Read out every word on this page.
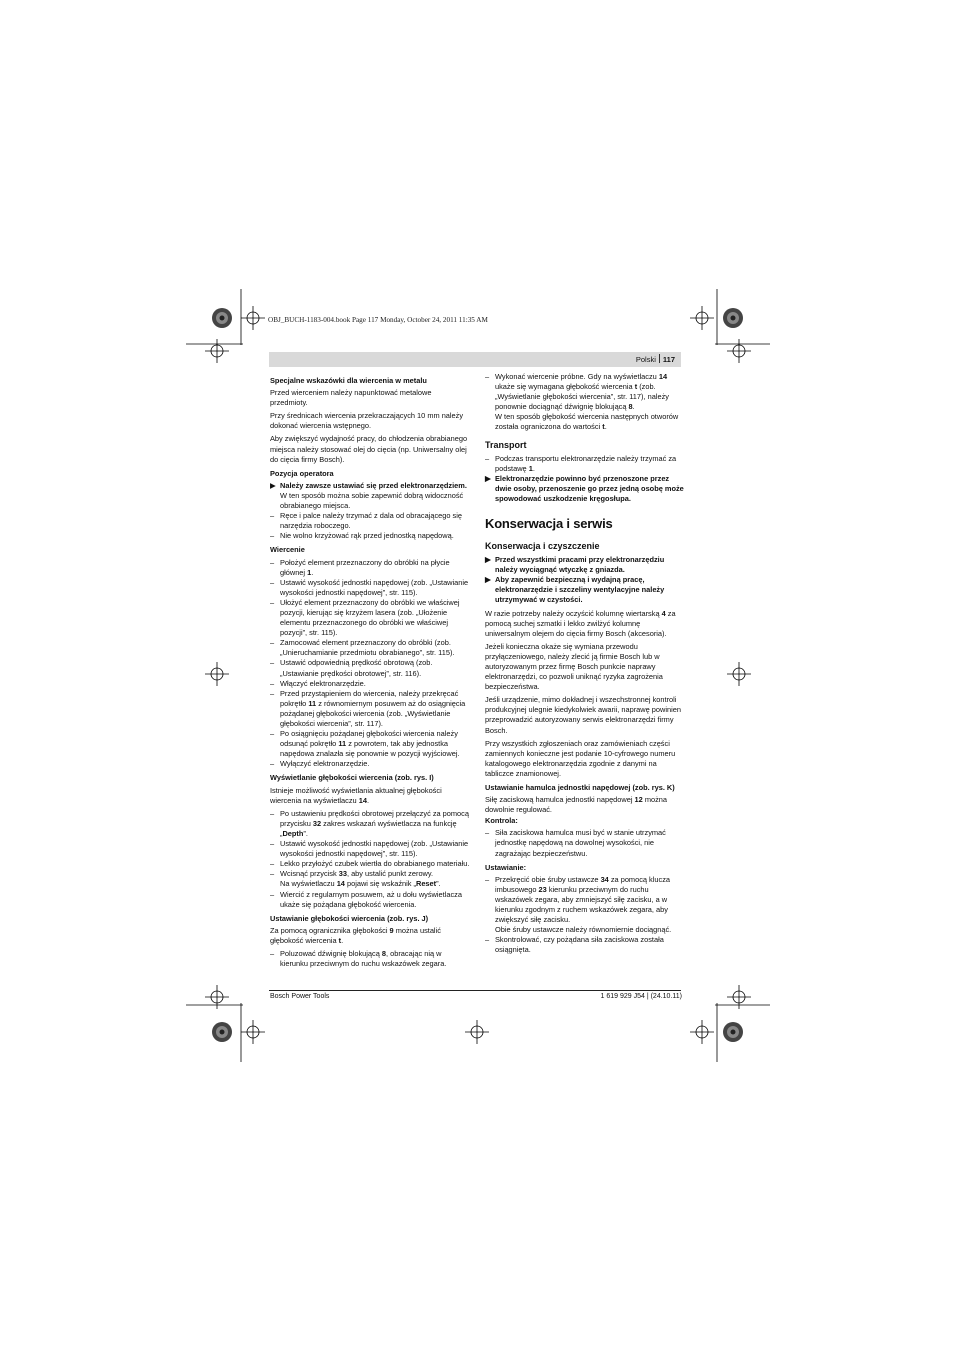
OBJ_BUCH-1183-004.book Page 117 Monday, October 24, 2011 11:35 AM
Polski 117
Specjalne wskazówki dla wiercenia w metalu

Przed wierceniem należy napunktować metalowe przedmioty.

Przy średnicach wiercenia przekraczających 10 mm należy dokonać wiercenia wstępnego.

Aby zwiększyć wydajność pracy, do chłodzenia obrabianego miejsca należy stosować olej do cięcia (np. Uniwersalny olej do cięcia firmy Bosch).

Pozycja operatora
▶ Należy zawsze ustawiać się przed elektronarzędziem. W ten sposób można sobie zapewnić dobrą widoczność obrabianego miejsca.
– Ręce i palce należy trzymać z dala od obracającego się narzędzia roboczego.
– Nie wolno krzyżować rąk przed jednostką napędową.
Wiercenie
– Położyć element przeznaczony do obróbki na płycie głównej 1.
– Ustawić wysokość jednostki napędowej (zob. „Ustawianie wysokości jednostki napędowej”, str. 115).
– Ułożyć element przeznaczony do obróbki we właściwej pozycji, kierując się krzyżem lasera (zob. „Ułożenie elementu przeznaczonego do obróbki we właściwej pozycji”, str. 115).
– Zamocować element przeznaczony do obróbki (zob. „Unieruchamianie przedmiotu obrabianego”, str. 115).
– Ustawić odpowiednią prędkość obrotową (zob. „Ustawianie prędkości obrotowej”, str. 116).
– Włączyć elektronarzędzie.
– Przed przystąpieniem do wiercenia, należy przekręcać pokrętło 11 z równomiernym posuwem aż do osiągnięcia pożądanej głębokości wiercenia (zob. „Wyświetlanie głębokości wiercenia”, str. 117).
– Po osiągnięciu pożądanej głębokości wiercenia należy odsunąć pokrętło 11 z powrotem, tak aby jednostka napędowa znalazła się ponownie w pozycji wyjściowej.
– Wyłączyć elektronarzędzie.
Wyświetlanie głębokości wiercenia (zob. rys. I)

Istnieje możliwość wyświetlania aktualnej głębokości wiercenia na wyświetlaczu 14.

– Po ustawieniu prędkości obrotowej przełączyć za pomocą przycisku 32 zakres wskazań wyświetlacza na funkcję „Depth”.
– Ustawić wysokość jednostki napędowej (zob. „Ustawianie wysokości jednostki napędowej”, str. 115).
– Lekko przyłożyć czubek wiertła do obrabianego materiału.
– Wcisnąć przycisk 33, aby ustalić punkt zerowy.
Na wyświetlaczu 14 pojawi się wskaźnik „Reset”.
– Wiercić z regularnym posuwem, aż u dołu wyświetlacza ukaże się pożądana głębokość wiercenia.
Ustawianie głębokości wiercenia (zob. rys. J)

Za pomocą ogranicznika głębokości 9 można ustalić głębokość wiercenia t.

– Poluzować dźwignię blokującą 8, obracając nią w kierunku przeciwnym do ruchu wskazówek zegara.
– Wykonać wiercenie próbne. Gdy na wyświetlaczu 14 ukaże się wymagana głębokość wiercenia t (zob. „Wyświetlanie głębokości wiercenia”, str. 117), należy ponownie dociągnąć dźwignię blokującą 8.
W ten sposób głębokość wiercenia następnych otworów została ograniczona do wartości t.
Transport
– Podczas transportu elektronarzędzie należy trzymać za podstawę 1.
▶ Elektronarzędzie powinno być przenoszone przez dwie osoby, przenoszenie go przez jedną osobę może spowodować uszkodzenie kręgosłupa.
Konserwacja i serwis
Konserwacja i czyszczenie
▶ Przed wszystkimi pracami przy elektronarzędziu należy wyciągnąć wtyczkę z gniazda.
▶ Aby zapewnić bezpieczną i wydajną pracę, elektronarzędzie i szczeliny wentylacyjne należy utrzymywać w czystości.

W razie potrzeby należy oczyścić kolumnę wiertarską 4 za pomocą suchej szmatki i lekko zwilżyć kolumnę uniwersalnym olejem do cięcia firmy Bosch (akcesoria).

Jeżeli konieczna okaże się wymiana przewodu przyłączeniowego, należy zlecić ją firmie Bosch lub w autoryzowanym przez firmę Bosch punkcie naprawy elektronarzędzi, co pozwoli uniknąć ryzyka zagrożenia bezpieczeństwa.

Jeśli urządzenie, mimo dokładnej i wszechstronnej kontroli produkcyjnej ulegnie kiedykolwiek awarii, naprawę powinien przeprowadzić autoryzowany serwis elektronarzędzi firmy Bosch.

Przy wszystkich zgłoszeniach oraz zamówieniach części zamiennych konieczne jest podanie 10-cyfrowego numeru katalogowego elektronarzędzia zgodnie z danymi na tabliczce znamionowej.

Ustawianie hamulca jednostki napędowej (zob. rys. K)

Siłę zaciskową hamulca jednostki napędowej 12 można dowolnie regulować.

Kontrola:
– Siła zaciskowa hamulca musi być w stanie utrzymać jednostkę napędową na dowolnej wysokości, nie zagrażając bezpieczeństwu.
Ustawianie:
– Przekręcić obie śruby ustawcze 34 za pomocą klucza imbusowego 23 kierunku przeciwnym do ruchu wskazówek zegara, aby zmniejszyć siłę zacisku, a w kierunku zgodnym z ruchem wskazówek zegara, aby zwiększyć siłę zacisku.
Obie śruby ustawcze należy równomiernie dociągnąć.
– Skontrolować, czy pożądana siła zaciskowa została osiągnięta.
Bosch Power Tools	1 619 929 J54 | (24.10.11)
